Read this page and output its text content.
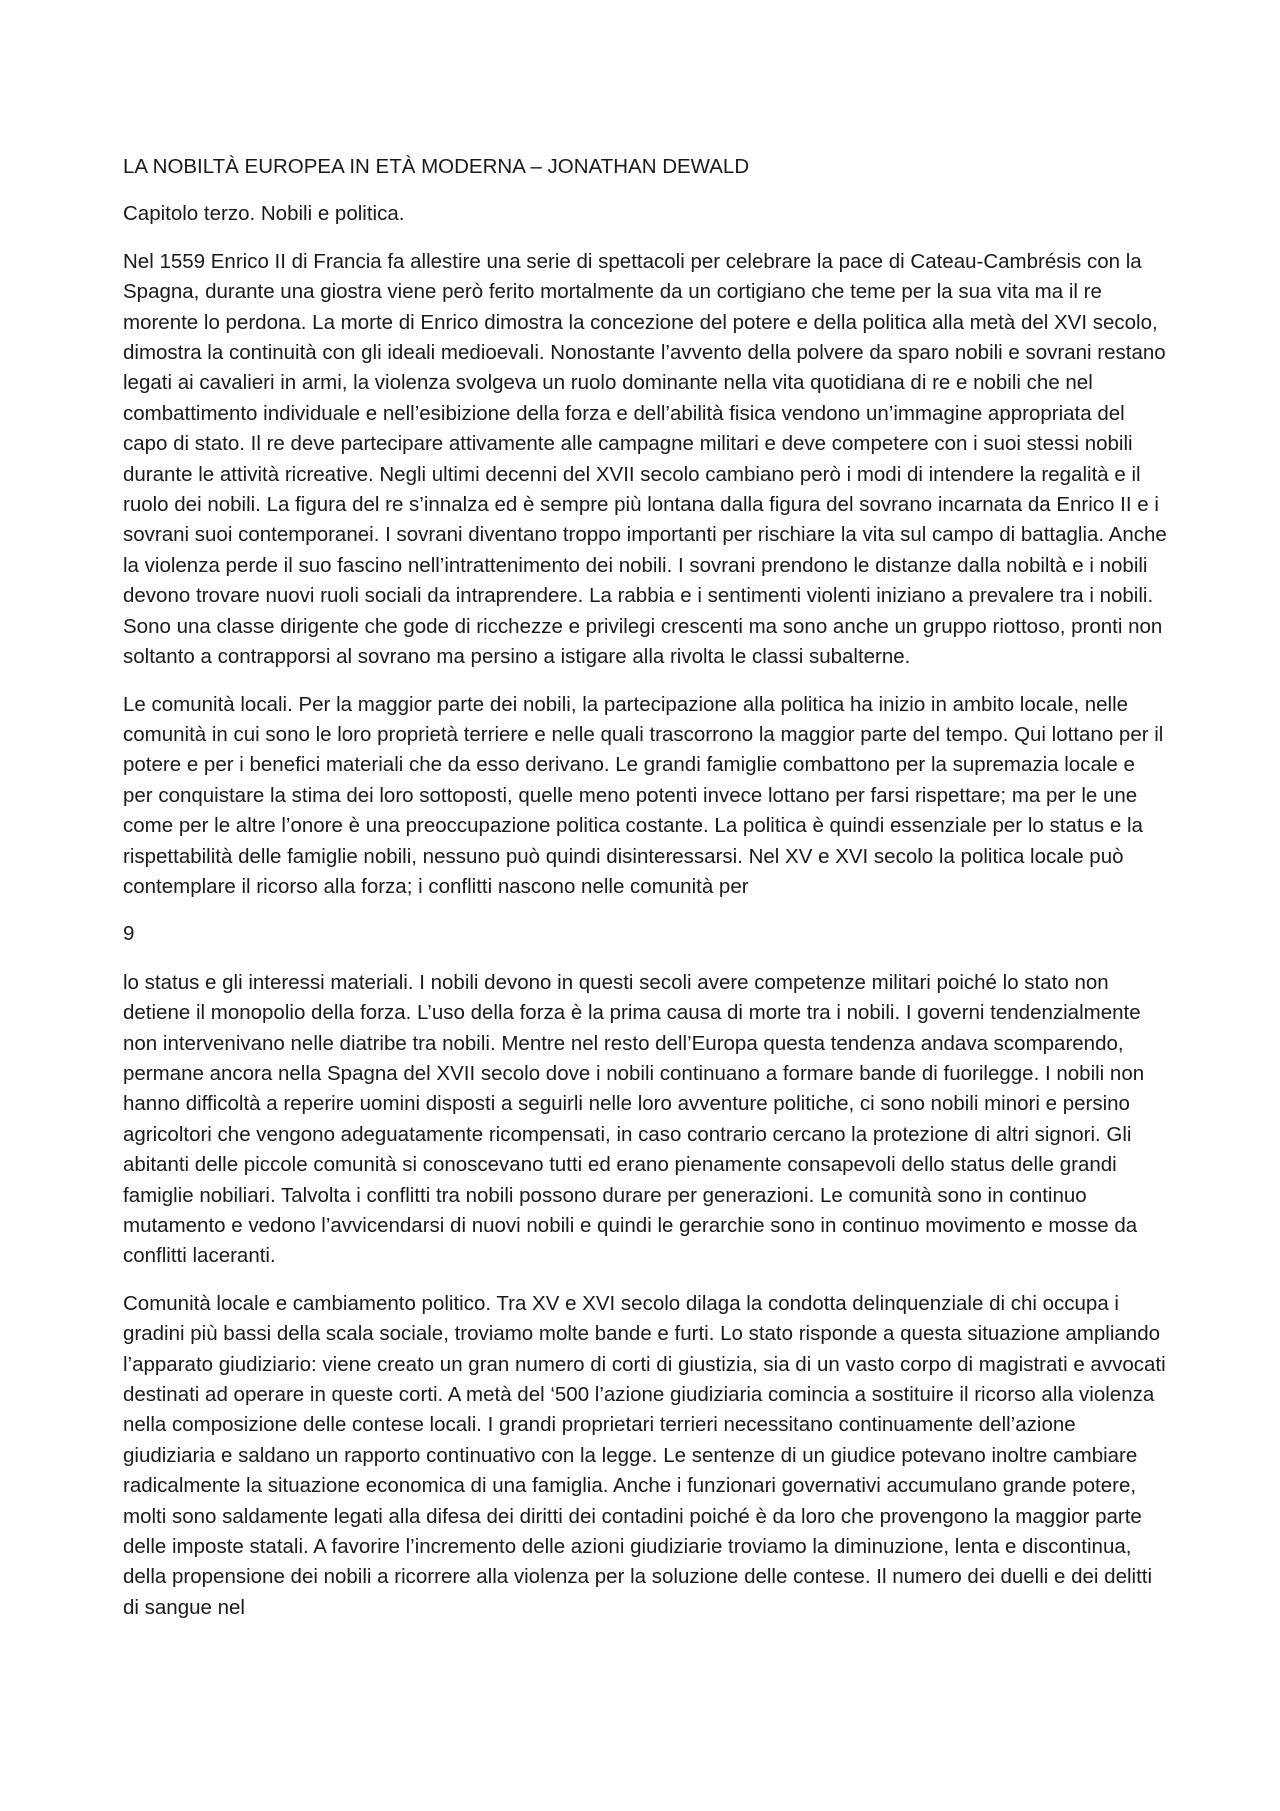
LA NOBILTÀ EUROPEA IN ETÀ MODERNA – JONATHAN DEWALD

Capitolo terzo. Nobili e politica.

Nel 1559 Enrico II di Francia fa allestire una serie di spettacoli per celebrare la pace di Cateau-Cambrésis con la Spagna, durante una giostra viene però ferito mortalmente da un cortigiano che teme per la sua vita ma il re morente lo perdona. La morte di Enrico dimostra la concezione del potere e della politica alla metà del XVI secolo, dimostra la continuità con gli ideali medioevali. Nonostante l’avvento della polvere da sparo nobili e sovrani restano legati ai cavalieri in armi, la violenza svolgeva un ruolo dominante nella vita quotidiana di re e nobili che nel combattimento individuale e nell’esibizione della forza e dell’abilità fisica vendono un’immagine appropriata del capo di stato. Il re deve partecipare attivamente alle campagne militari e deve competere con i suoi stessi nobili durante le attività ricreative. Negli ultimi decenni del XVII secolo cambiano però i modi di intendere la regalità e il ruolo dei nobili. La figura del re s’innalza ed è sempre più lontana dalla figura del sovrano incarnata da Enrico II e i sovrani suoi contemporanei. I sovrani diventano troppo importanti per rischiare la vita sul campo di battaglia. Anche la violenza perde il suo fascino nell’intrattenimento dei nobili. I sovrani prendono le distanze dalla nobiltà e i nobili devono trovare nuovi ruoli sociali da intraprendere. La rabbia e i sentimenti violenti iniziano a prevalere tra i nobili. Sono una classe dirigente che gode di ricchezze e privilegi crescenti ma sono anche un gruppo riottoso, pronti non soltanto a contrapporsi al sovrano ma persino a istigare alla rivolta le classi subalterne.

Le comunità locali. Per la maggior parte dei nobili, la partecipazione alla politica ha inizio in ambito locale, nelle comunità in cui sono le loro proprietà terriere e nelle quali trascorrono la maggior parte del tempo. Qui lottano per il potere e per i benefici materiali che da esso derivano. Le grandi famiglie combattono per la supremazia locale e per conquistare la stima dei loro sottoposti, quelle meno potenti invece lottano per farsi rispettare; ma per le une come per le altre l’onore è una preoccupazione politica costante. La politica è quindi essenziale per lo status e la rispettabilità delle famiglie nobili, nessuno può quindi disinteressarsi. Nel XV e XVI secolo la politica locale può contemplare il ricorso alla forza; i conflitti nascono nelle comunità per

9

lo status e gli interessi materiali. I nobili devono in questi secoli avere competenze militari poiché lo stato non detiene il monopolio della forza. L’uso della forza è la prima causa di morte tra i nobili. I governi tendenzialmente non intervenivano nelle diatribe tra nobili. Mentre nel resto dell’Europa questa tendenza andava scomparendo, permane ancora nella Spagna del XVII secolo dove i nobili continuano a formare bande di fuorilegge. I nobili non hanno difficoltà a reperire uomini disposti a seguirli nelle loro avventure politiche, ci sono nobili minori e persino agricoltori che vengono adeguatamente ricompensati, in caso contrario cercano la protezione di altri signori. Gli abitanti delle piccole comunità si conoscevano tutti ed erano pienamente consapevoli dello status delle grandi famiglie nobiliari. Talvolta i conflitti tra nobili possono durare per generazioni. Le comunità sono in continuo mutamento e vedono l’avvicendarsi di nuovi nobili e quindi le gerarchie sono in continuo movimento e mosse da conflitti laceranti.

Comunità locale e cambiamento politico. Tra XV e XVI secolo dilaga la condotta delinquenziale di chi occupa i gradini più bassi della scala sociale, troviamo molte bande e furti. Lo stato risponde a questa situazione ampliando l’apparato giudiziario: viene creato un gran numero di corti di giustizia, sia di un vasto corpo di magistrati e avvocati destinati ad operare in queste corti. A metà del ‘500 l’azione giudiziaria comincia a sostituire il ricorso alla violenza nella composizione delle contese locali. I grandi proprietari terrieri necessitano continuamente dell’azione giudiziaria e saldano un rapporto continuativo con la legge. Le sentenze di un giudice potevano inoltre cambiare radicalmente la situazione economica di una famiglia. Anche i funzionari governativi accumulano grande potere, molti sono saldamente legati alla difesa dei diritti dei contadini poiché è da loro che provengono la maggior parte delle imposte statali. A favorire l’incremento delle azioni giudiziarie troviamo la diminuzione, lenta e discontinua, della propensione dei nobili a ricorrere alla violenza per la soluzione delle contese. Il numero dei duelli e dei delitti di sangue nel
